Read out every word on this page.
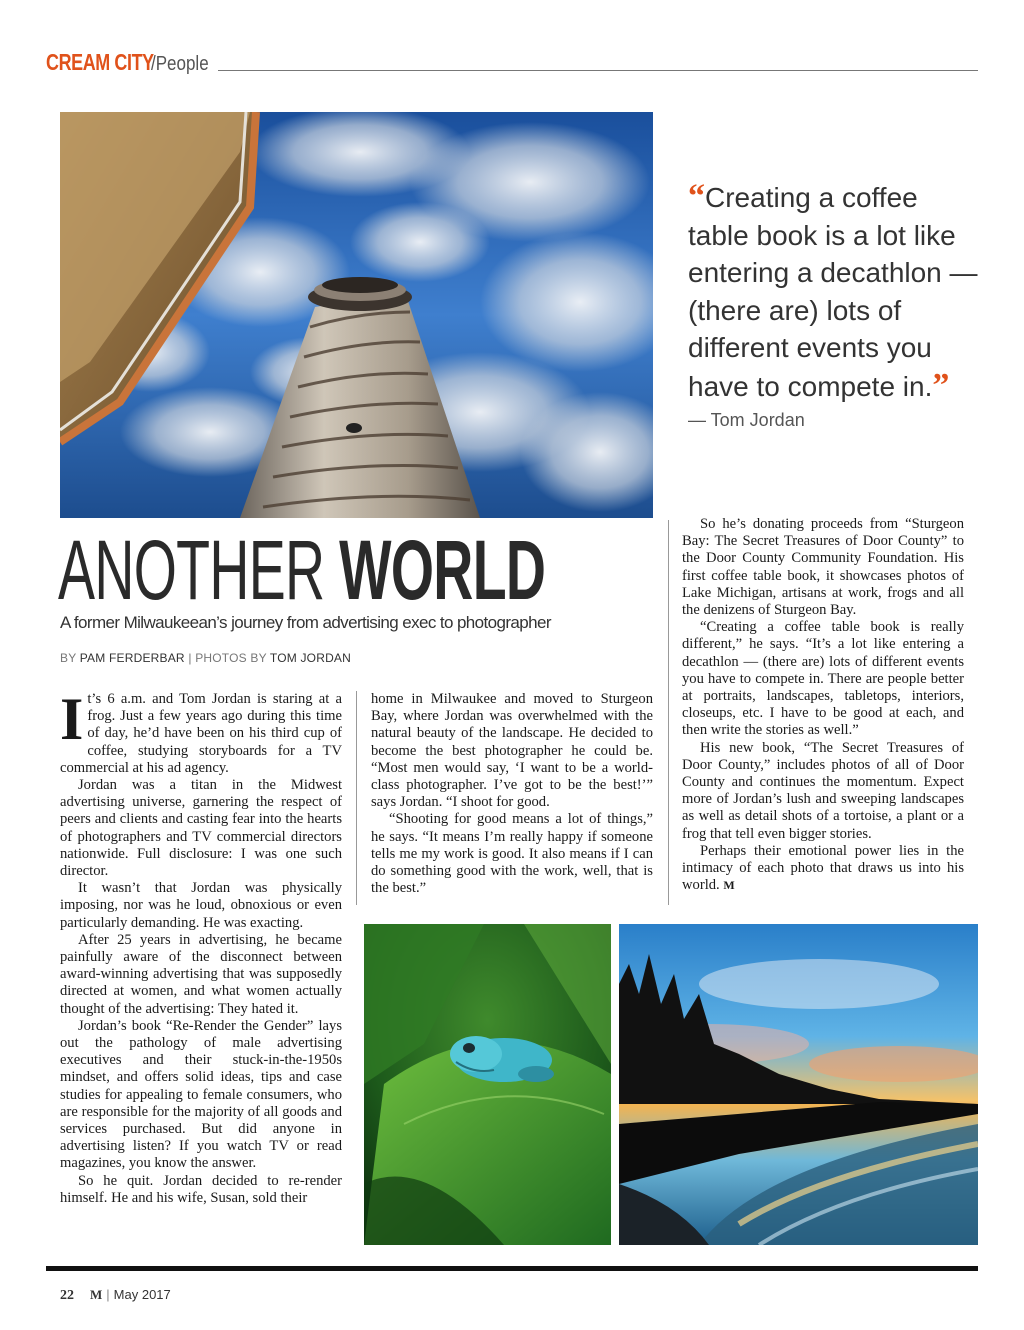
CREAM CITY
/People
“Creating a coffee table book is a lot like entering a decathlon — (there are) lots of different events you have to compete in.”
— Tom Jordan
ANOTHER WORLD
A former Milwaukeean’s journey from advertising exec to photographer
BY PAM FERDERBAR | PHOTOS BY TOM JORDAN

It’s 6 a.m. and Tom Jordan is staring at a frog. Just a few years ago during this time of day, he’d have been on his third cup of coffee, studying storyboards for a TV commercial at his ad agency.

Jordan was a titan in the Midwest advertising universe, garnering the respect of peers and clients and casting fear into the hearts of photographers and TV commercial directors nationwide. Full disclosure: I was one such director.

It wasn’t that Jordan was physically imposing, nor was he loud, obnoxious or even particularly demanding. He was exacting.

After 25 years in advertising, he became painfully aware of the disconnect between award-winning advertising that was supposedly directed at women, and what women actually thought of the advertising: They hated it.

Jordan’s book “Re-Render the Gender” lays out the pathology of male advertising executives and their stuck-in-the-1950s mindset, and offers solid ideas, tips and case studies for appealing to female consumers, who are responsible for the majority of all goods and services purchased. But did anyone in advertising listen? If you watch TV or read magazines, you know the answer.

So he quit. Jordan decided to re-render himself. He and his wife, Susan, sold their

home in Milwaukee and moved to Sturgeon Bay, where Jordan was overwhelmed with the natural beauty of the landscape. He decided to become the best photographer he could be. “Most men would say, ‘I want to be a world-class photographer. I’ve got to be the best!’” says Jordan. “I shoot for good.

“Shooting for good means a lot of things,” he says. “It means I’m really happy if someone tells me my work is good. It also means if I can do something good with the work, well, that is the best.”

So he’s donating proceeds from “Sturgeon Bay: The Secret Treasures of Door County” to the Door County Community Foundation. His first coffee table book, it showcases photos of Lake Michigan, artisans at work, frogs and all the denizens of Sturgeon Bay.

“Creating a coffee table book is really different,” he says. “It’s a lot like entering a decathlon — (there are) lots of different events you have to compete in. There are people better at portraits, landscapes, tabletops, interiors, closeups, etc. I have to be good at each, and then write the stories as well.”

His new book, “The Secret Treasures of Door County,” includes photos of all of Door County and continues the momentum. Expect more of Jordan’s lush and sweeping landscapes as well as detail shots of a tortoise, a plant or a frog that tell even bigger stories.

Perhaps their emotional power lies in the intimacy of each photo that draws us into his world. M

22 M | May 2017
